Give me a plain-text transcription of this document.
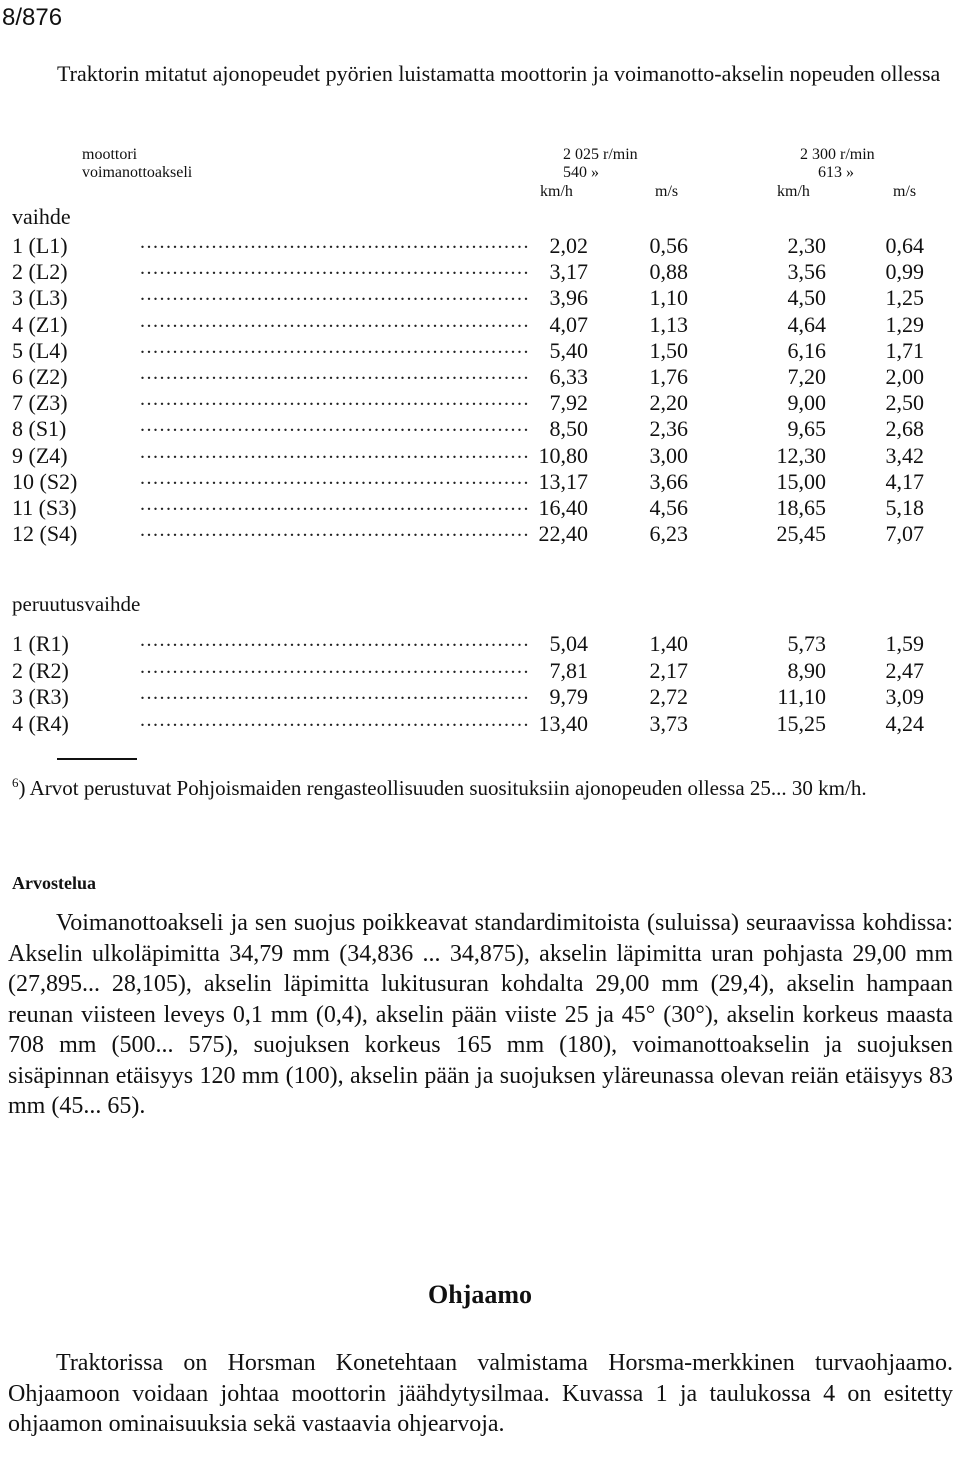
8/876
Traktorin mitatut ajonopeudet pyörien luistamatta moottorin ja voimanotto-akselin nopeuden ollessa
moottori
voimanottoakseli
2 025 r/min	2 300 r/min
540 »	613 »
km/h	m/s	km/h	m/s
vaihde
1 (L1)	............................................................ 2,02	0,56	2,30	0,64
2 (L2)	............................................................ 3,17	0,88	3,56	0,99
3 (L3)	............................................................ 3,96	1,10	4,50	1,25
4 (Z1)	............................................................ 4,07	1,13	4,64	1,29
5 (L4)	............................................................ 5,40	1,50	6,16	1,71
6 (Z2)	............................................................ 6,33	1,76	7,20	2,00
7 (Z3)	............................................................ 7,92	2,20	9,00	2,50
8 (S1)	............................................................ 8,50	2,36	9,65	2,68
9 (Z4)	............................................................ 10,80	3,00	12,30	3,42
10 (S2)	............................................................ 13,17	3,66	15,00	4,17
11 (S3)	............................................................ 16,40	4,56	18,65	5,18
12 (S4)	............................................................ 22,40	6,23	25,45	7,07
peruutusvaihde
1 (R1)	............................................................ 5,04	1,40	5,73	1,59
2 (R2)	............................................................ 7,81	2,17	8,90	2,47
3 (R3)	............................................................ 9,79	2,72	11,10	3,09
4 (R4)	............................................................ 13,40	3,73	15,25	4,24
$^6$) Arvot perustuvat Pohjoismaiden rengasteollisuuden suosituksiin ajonopeuden ollessa 25... 30 km/h.
Arvostelua
Voimanottoakseli ja sen suojus poikkeavat standardimitoista (suluissa) seuraavissa kohdissa: Akselin ulkoläpimitta 34,79 mm (34,836 ... 34,875), akselin läpimitta uran pohjasta 29,00 mm (27,895... 28,105), akselin läpimitta lukitusuran kohdalta 29,00 mm (29,4), akselin hampaan reunan viisteen leveys 0,1 mm (0,4), akselin pään viiste 25 ja 45° (30°), akselin korkeus maasta 708 mm (500... 575), suojuksen korkeus 165 mm (180), voimanottoakselin ja suojuksen sisäpinnan etäisyys 120 mm (100), akselin pään ja suojuksen yläreunassa olevan reiän etäisyys 83 mm (45... 65).
Ohjaamo
Traktorissa on Horsman Konetehtaan valmistama Horsma-merkkinen turvaohjaamo. Ohjaamoon voidaan johtaa moottorin jäähdytysilmaa. Kuvassa 1 ja taulukossa 4 on esitetty ohjaamon ominaisuuksia sekä vastaavia ohjearvoja.
